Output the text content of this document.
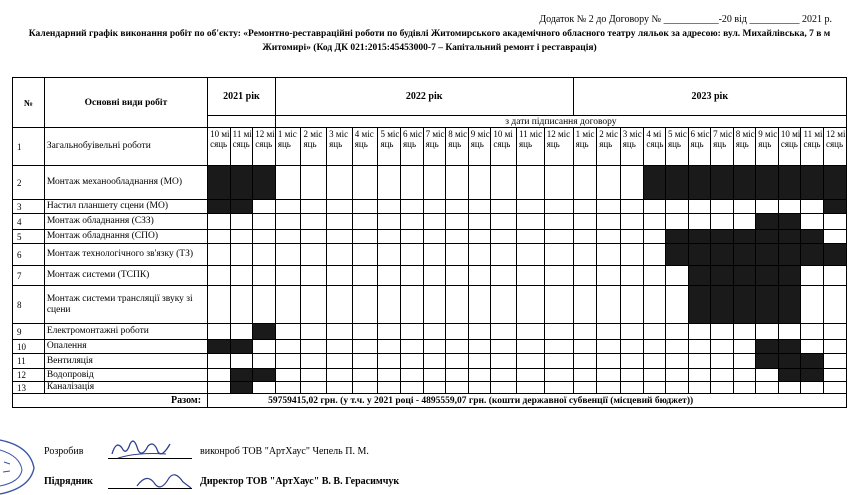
Додаток № 2 до Договору № ___________-20 від __________ 2021 р.
Календарний графік виконання робіт по об'єкту: «Ремонтно-реставраційні роботи по будівлі Житомирського академічного обласного театру ляльок за адресою: вул. Михайлівська, 7 в м Житомирі» (Код ДК 021:2015:45453000-7 – Капітальний ремонт і реставрація)
№	Основні види робіт	2021 рік			2022 рік												2023 рік											
					з дати підписання договору																							
1	Загальнобуівельні роботи	10 місяць	11 місяць	12 місяць	1 місяць	2 місяць	3 місяць	4 місяць	5 місяць	6 місяць	7 місяць	8 місяць	9 місяць	10 місяць	11 місяць	12 місяць	1 місяць	2 місяць	3 місяць	4 місяць	5 місяць	6 місяць	7 місяць	8 місяць	9 місяць	10 місяць	11 місяць	12 місяць
2	Монтаж механообладнання (МО)																											
3	Настил планшету сцени (МО)																											
4	Монтаж обладнання (СЗЗ)																											
5	Монтаж обладнання (СПО)																											
6	Монтаж технологічного зв'язку (ТЗ)																											
7	Монтаж системи (ТСПК)																											
8	Монтаж системи трансляції звуку зі сцени																											
9	Електромонтажні роботи																											
10	Опалення																											
11	Вентиляція																											
12	Водопровід																											
13	Каналізація																											
Разом:		59759415,02 грн. (у т.ч. у 2021 році - 4895559,07 грн. (кошти державної субвенції (місцевий бюджет))																										
Розробив	виконроб ТОВ "АртХаус" Чепель П. М.
Підрядник	Директор ТОВ "АртХаус" В. В. Герасимчук
